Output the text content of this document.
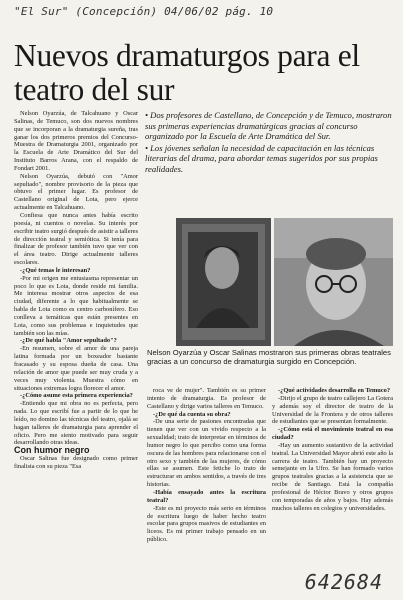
"El Sur" (Concepción) 04/06/02 pág. 10
Nuevos dramaturgos para el teatro del sur

• Dos profesores de Castellano, de Concepción y de Temuco, mostraron sus primeras experiencias dramatúrgicas gracias al concurso organizado por la Escuela de Arte Dramática del Sur.

• Los jóvenes señalan la necesidad de capacitación en las técnicas literarias del drama, para abordar temas sugeridos por sus propias realidades.

Nelson Oyarzúa, de Talcahuano y Oscar Salinas, de Temuco, son dos nuevos nombres que se incorporan a la dramaturgia sureña, tras ganar los dos primeros premios del Concurso-Muestra de Dramaturgia 2001, organizado por la Escuela de Arte Dramático del Sur del Instituto Barros Arana, con el respaldo de Fondart 2001.

Nelson Oyarzúa, debutó con "Amor sepultado", nombre provisorio de la pieza que obtuvo el primer lugar. Es profesor de Castellano original de Lota, pero ejerce actualmente en Talcahuano.

Confiesa que nunca antes había escrito poesía, ni cuentos o novelas. Su interés por escribir teatro surgió después de asistir a talleres de dirección teatral y semiótica. Si tenía para finalizar de profesor también tuvo que ver con el área teatro. Dirige actualmente talleres escolares.

-¿Qué temas le interesan?

-Por mi origen me entusiasma representar un poco lo que es Lota, donde reside mi familia. Me interesa mostrar otros aspectos de esa ciudad, diferente a lo que habitualmente se habla de Lota como es centro carbonífero. Eso conlleva a temáticas que están presentes en Lota, como sus problemas e inquietudes que también son las mías.

-¿De qué habla "Amor sepultado"?

-En resumen, sobre el amor de una pareja latina formada por un boxeador bastante fracasado y su esposa dueña de casa. Una relación de amor que puede ser muy cruda y a veces muy violenta. Muestra cómo en situaciones extremas logra florecer el amor.

-¿Cómo asume esta primera experiencia?

-Entiendo que mi obra no es perfecta, pero nada. Lo que escribí fue a partir de lo que he leído, no domino las técnicas del teatro, ojalá se hagan talleres de dramaturgia para aprender el oficio. Pero me siento motivado para seguir desarrollando otras ideas.

Con humor negro

Oscar Salinas fue designado como primer finalista con su pieza "Esa

Nelson Oyarzúa y Oscar Salinas mostraron sus primeras obras teatrales gracias a un concurso de dramaturgia surgido en Concepción.

roca ve de mujer". También es su primer intento de dramaturgia. Es profesor de Castellano y dirige varios talleres en Temuco.

-¿De qué da cuenta su obra?

-De una serie de pasiones encontradas que tienen que ver con un vivido respecto a la sexualidad; trato de interpretar en términos de humor negro lo que percibo como una forma oscura de las hombres para relacionarse con el otro sexo y también de las mujeres, de cómo ellas se asumen. Este fetiche lo trato de estructurar en ambos sentidos, a través de tres historias.

-Había ensayado antes la escritura teatral?

-Este es mi proyecto más serio en términos de escritura luego de haber hecho teatro escolar para grupos masivos de estudiantes en liceos. Es mi primer trabajo pensado en un público.

-¿Qué actividades desarrolla en Temuco?

-Dirijo el grupo de teatro callejero La Gotera y además soy el director de teatro de la Universidad de la Frontera y de otros talleres de estudiantes que se presentan formalmente.

-¿Cómo está el movimiento teatral en esa ciudad?

-Hay un aumento sustantivo de la actividad teatral. La Universidad Mayor abrió este año la carrera de teatro. También hay un proyecto semejante en la Ufro. Se han formado varios grupos teatrales gracias a la asistencia que se recibe de Santiago. Está la compañía profesional de Héctor Bravo y otros grupos con temporadas de años y bajos. Hay además muchos talleres en colegios y universidades.

642684
